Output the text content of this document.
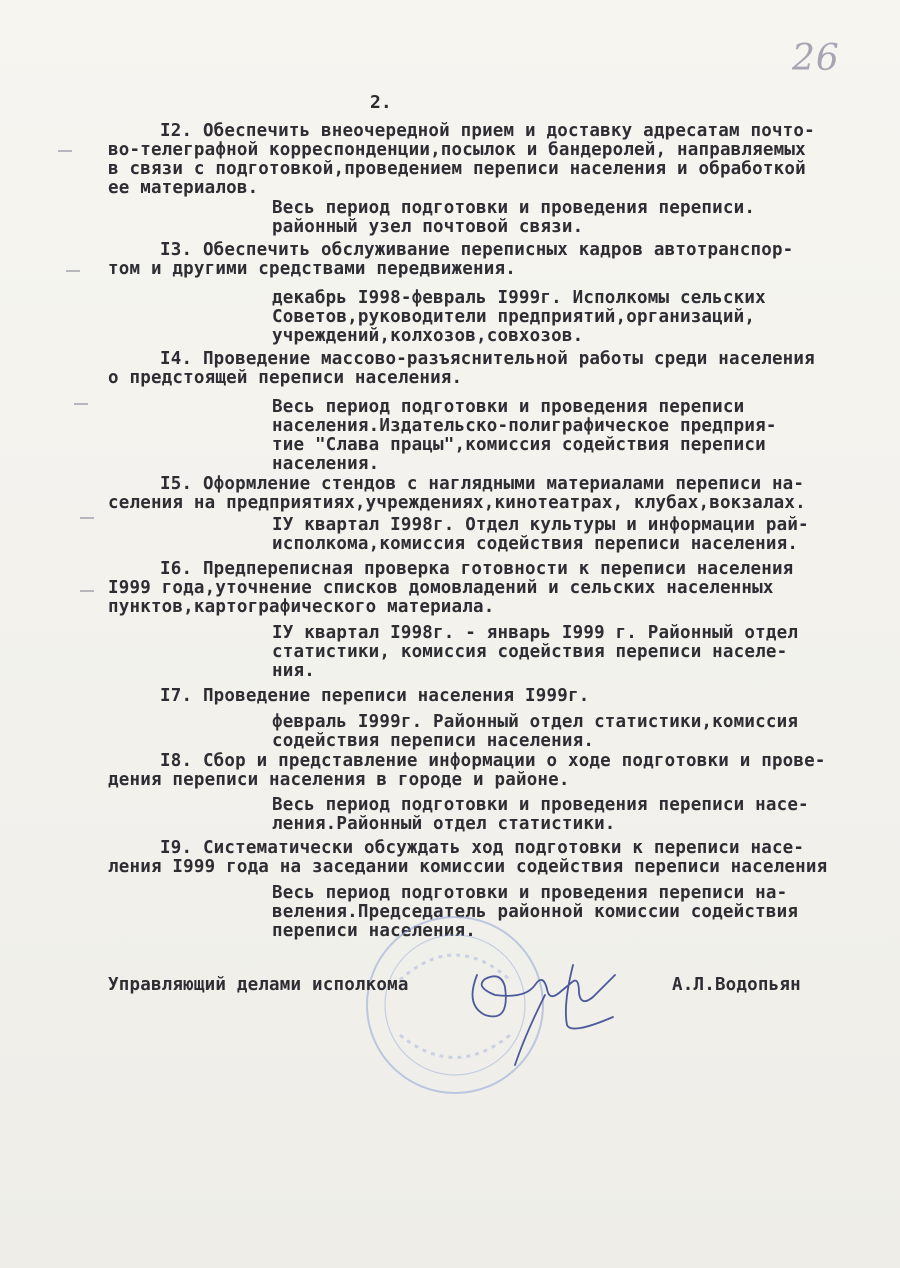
26
2.
I2. Обеспечить внеочередной прием и доставку адресатам почто-
во-телеграфной корреспонденции,посылок и бандеролей, направляемых
в связи с подготовкой,проведением переписи населения и обработкой
ее материалов.
Весь период подготовки и проведения переписи.
районный узел почтовой связи.
I3. Обеспечить обслуживание переписных кадров автотранспор-
том и другими средствами передвижения.
декабрь I998-февраль I999г. Исполкомы сельских
Советов,руководители предприятий,организаций,
учреждений,колхозов,совхозов.
I4. Проведение массово-разъяснительной работы среди населения
о предстоящей переписи населения.
Весь период подготовки и проведения переписи
населения.Издательско-полиграфическое предприя-
тие "Слава працы",комиссия содействия переписи
населения.
I5. Оформление стендов с наглядными материалами переписи на-
селения на предприятиях,учреждениях,кинотеатрах, клубах,вокзалах.
IУ квартал I998г. Отдел культуры и информации рай-
исполкома,комиссия содействия переписи населения.
I6. Предпереписная проверка готовности к переписи населения
I999 года,уточнение списков домовладений и сельских населенных
пунктов,картографического материала.
IУ квартал I998г. - январь I999 г. Районный отдел
статистики, комиссия содействия переписи населе-
ния.
I7. Проведение переписи населения I999г.
февраль I999г. Районный отдел статистики,комиссия
содействия переписи населения.
I8. Сбор и представление информации о ходе подготовки и прове-
дения переписи населения в городе и районе.
Весь период подготовки и проведения переписи насе-
ления.Районный отдел статистики.
I9. Систематически обсуждать ход подготовки к переписи насе-
ления I999 года на заседании комиссии содействия переписи населения
Весь период подготовки и проведения переписи на-
веления.Председатель районной комиссии содействия
переписи населения.
Управляющий делами исполкома	А.Л.Водопьян
